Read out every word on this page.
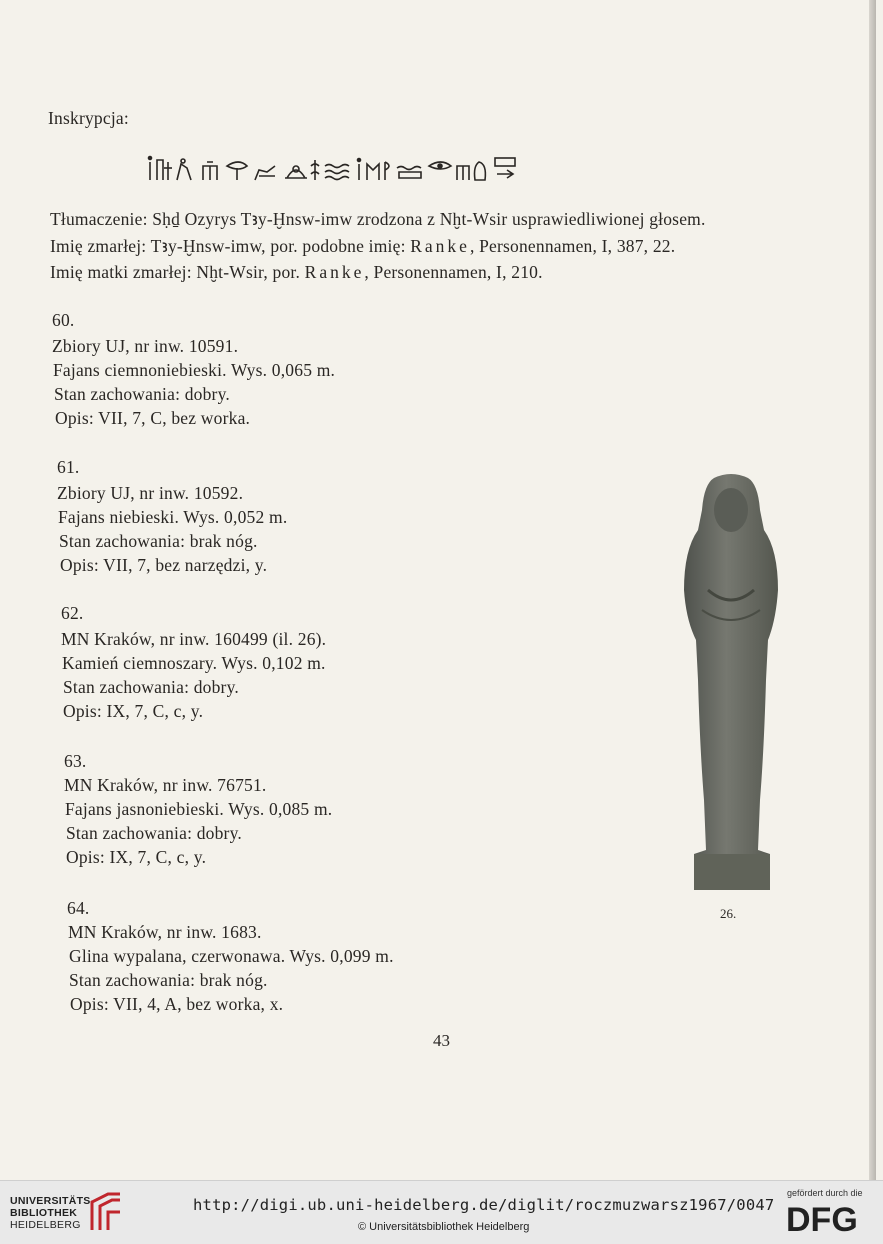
Inskrypcja:
Tłumaczenie: Sḥḏ Ozyrys Tꜣy-Ḫnsw-imw zrodzona z Nḫt-Wsir usprawiedliwionej głosem.
Imię zmarłej: Tꜣy-Ḫnsw-imw, por. podobne imię: Ranke, Personennamen, I, 387, 22.
Imię matki zmarłej: Nḫt-Wsir, por. Ranke, Personennamen, I, 210.
60.
Zbiory UJ, nr inw. 10591.
Fajans ciemnoniebieski. Wys. 0,065 m.
Stan zachowania: dobry.
Opis: VII, 7, C, bez worka.
61.
Zbiory UJ, nr inw. 10592.
Fajans niebieski. Wys. 0,052 m.
Stan zachowania: brak nóg.
Opis: VII, 7, bez narzędzi, y.
62.
MN Kraków, nr inw. 160499 (il. 26).
Kamień ciemnoszary. Wys. 0,102 m.
Stan zachowania: dobry.
Opis: IX, 7, C, c, y.
63.
MN Kraków, nr inw. 76751.
Fajans jasnoniebieski. Wys. 0,085 m.
Stan zachowania: dobry.
Opis: IX, 7, C, c, y.
64.
MN Kraków, nr inw. 1683.
Glina wypalana, czerwonawa. Wys. 0,099 m.
Stan zachowania: brak nóg.
Opis: VII, 4, A, bez worka, x.
26.
43
UNIVERSITÄTS-
BIBLIOTHEK
HEIDELBERG
http://digi.ub.uni-heidelberg.de/diglit/roczmuzwarsz1967/0047
© Universitätsbibliothek Heidelberg
gefördert durch die
DFG
